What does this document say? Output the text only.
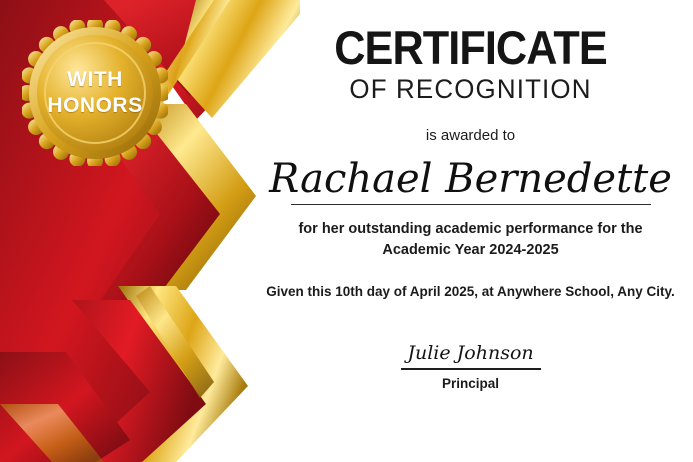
WITH
HONORS
CERTIFICATE
OF RECOGNITION
is awarded to
Rachael Bernedette
for her outstanding academic performance for the Academic Year 2024-2025
Given this 10th day of April 2025, at Anywhere School, Any City.
Julie Johnson
Principal
